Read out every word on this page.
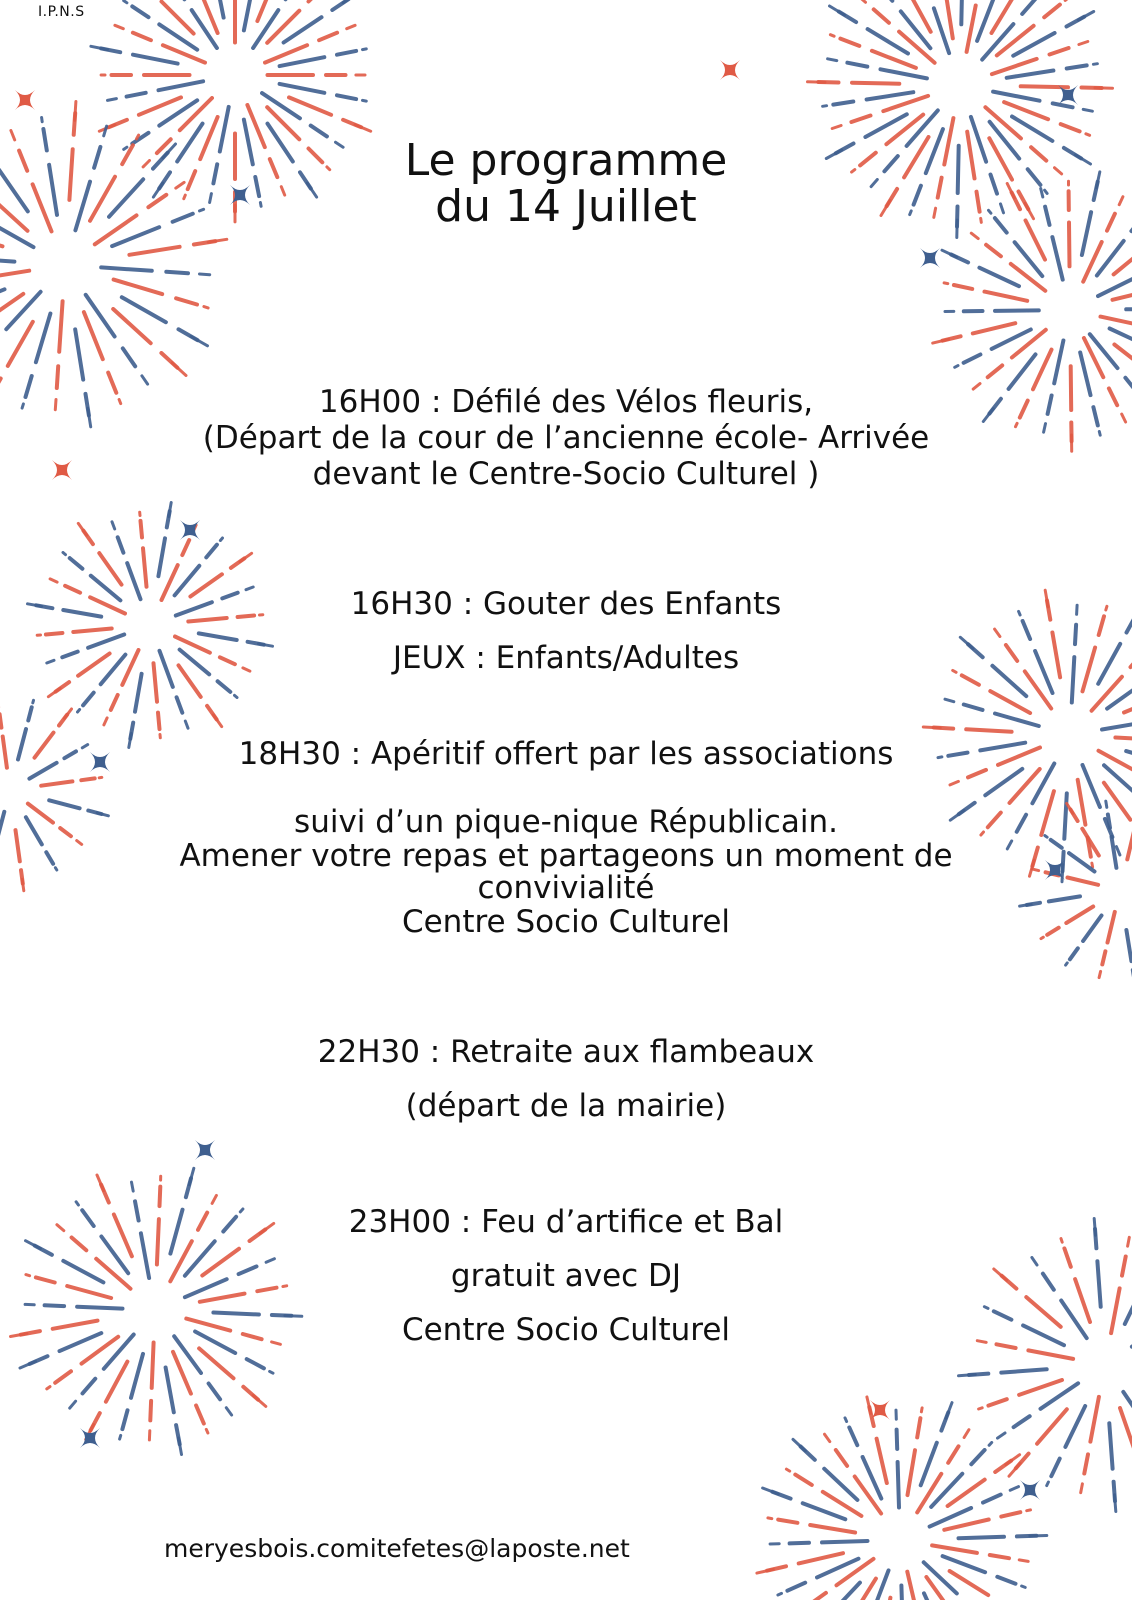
I.P.N.S
Le programme
du 14 Juillet
16H00 : Défilé des Vélos fleuris,
(Départ de la cour de l’ancienne école- Arrivée
devant le Centre-Socio Culturel )
16H30 : Gouter des Enfants
JEUX : Enfants/Adultes
18H30 : Apéritif offert par les associations
suivi d’un pique-nique Républicain.
Amener votre repas et partageons un moment de
convivialité
Centre Socio Culturel
22H30 : Retraite aux flambeaux
(départ de la mairie)
23H00 : Feu d’artifice et Bal
gratuit avec DJ
Centre Socio Culturel
meryesbois.comitefetes@laposte.net
